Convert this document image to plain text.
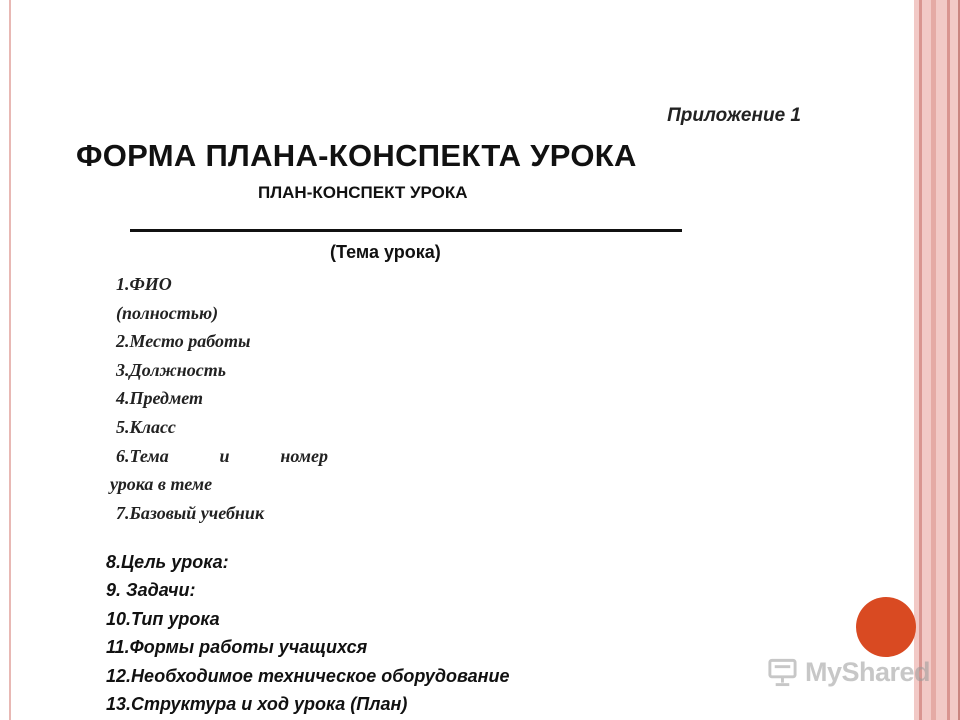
Приложение 1
ФОРМА ПЛАНА-КОНСПЕКТА УРОКА
ПЛАН-КОНСПЕКТ УРОКА
(Тема урока)
1.ФИО
(полностью)
2.Место работы
3.Должность
4.Предмет
5.Класс
6.Тема	и	номер
урока в теме
7.Базовый учебник
8.Цель урока:
9. Задачи:
10.Тип урока
11.Формы работы учащихся
12.Необходимое техническое оборудование
13.Структура и ход урока (План)
MyShared
